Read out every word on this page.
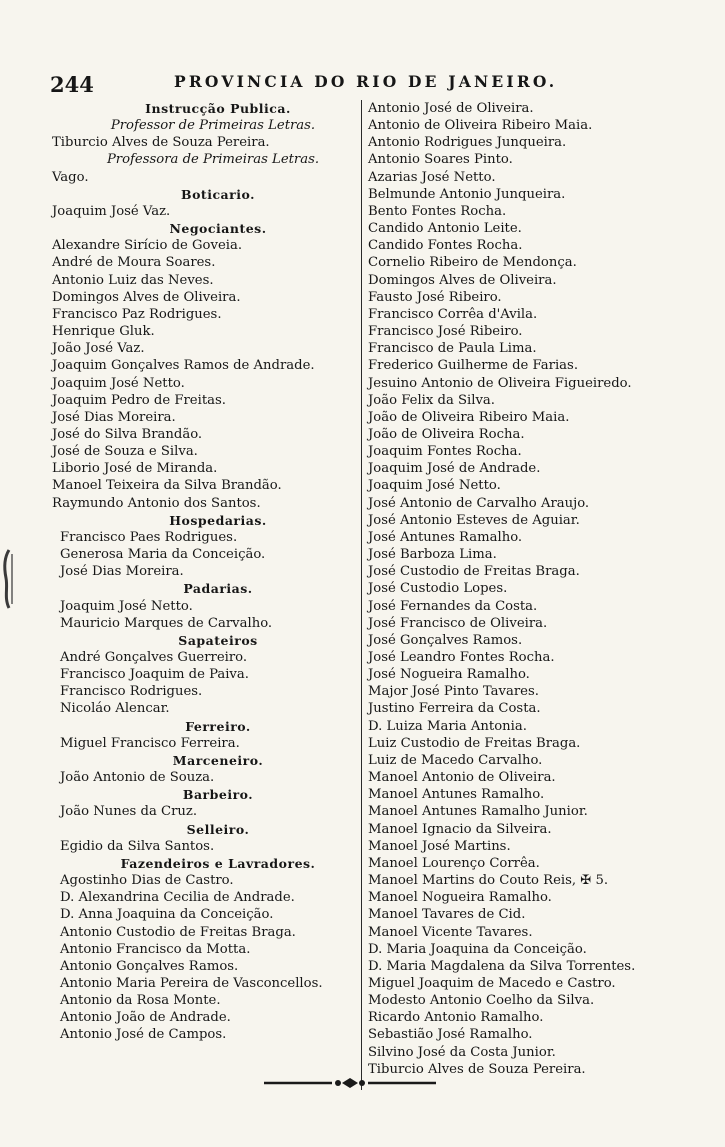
244	PROVINCIA DO RIO DE JANEIRO.
Instrucção Publica.
Professor de Primeiras Letras.
Tiburcio Alves de Souza Pereira.
Professora de Primeiras Letras.
Vago.
Boticario.
Joaquim José Vaz.
Negociantes.
Alexandre Sirício de Goveia.
André de Moura Soares.
Antonio Luiz das Neves.
Domingos Alves de Oliveira.
Francisco Paz Rodrigues.
Henrique Gluk.
João José Vaz.
Joaquim Gonçalves Ramos de Andrade.
Joaquim José Netto.
Joaquim Pedro de Freitas.
José Dias Moreira.
José do Silva Brandão.
José de Souza e Silva.
Liborio José de Miranda.
Manoel Teixeira da Silva Brandão.
Raymundo Antonio dos Santos.
Hospedarias.
Francisco Paes Rodrigues.
Generosa Maria da Conceição.
José Dias Moreira.
Padarias.
Joaquim José Netto.
Mauricio Marques de Carvalho.
Sapateiros
André Gonçalves Guerreiro.
Francisco Joaquim de Paiva.
Francisco Rodrigues.
Nicoláo Alencar.
Ferreiro.
Miguel Francisco Ferreira.
Marceneiro.
João Antonio de Souza.
Barbeiro.
João Nunes da Cruz.
Selleiro.
Egidio da Silva Santos.
Fazendeiros e Lavradores.
Agostinho Dias de Castro.
D. Alexandrina Cecilia de Andrade.
D. Anna Joaquina da Conceição.
Antonio Custodio de Freitas Braga.
Antonio Francisco da Motta.
Antonio Gonçalves Ramos.
Antonio Maria Pereira de Vasconcellos.
Antonio da Rosa Monte.
Antonio João de Andrade.
Antonio José de Campos.
Antonio José de Oliveira.
Antonio de Oliveira Ribeiro Maia.
Antonio Rodrigues Junqueira.
Antonio Soares Pinto.
Azarias José Netto.
Belmunde Antonio Junqueira.
Bento Fontes Rocha.
Candido Antonio Leite.
Candido Fontes Rocha.
Cornelio Ribeiro de Mendonça.
Domingos Alves de Oliveira.
Fausto José Ribeiro.
Francisco Corrêa d'Avila.
Francisco José Ribeiro.
Francisco de Paula Lima.
Frederico Guilherme de Farias.
Jesuino Antonio de Oliveira Figueiredo.
João Felix da Silva.
João de Oliveira Ribeiro Maia.
João de Oliveira Rocha.
Joaquim Fontes Rocha.
Joaquim José de Andrade.
Joaquim José Netto.
José Antonio de Carvalho Araujo.
José Antonio Esteves de Aguiar.
José Antunes Ramalho.
José Barboza Lima.
José Custodio de Freitas Braga.
José Custodio Lopes.
José Fernandes da Costa.
José Francisco de Oliveira.
José Gonçalves Ramos.
José Leandro Fontes Rocha.
José Nogueira Ramalho.
Major José Pinto Tavares.
Justino Ferreira da Costa.
D. Luiza Maria Antonia.
Luiz Custodio de Freitas Braga.
Luiz de Macedo Carvalho.
Manoel Antonio de Oliveira.
Manoel Antunes Ramalho.
Manoel Antunes Ramalho Junior.
Manoel Ignacio da Silveira.
Manoel José Martins.
Manoel Lourenço Corrêa.
Manoel Martins do Couto Reis, ✠ 5.
Manoel Nogueira Ramalho.
Manoel Tavares de Cid.
Manoel Vicente Tavares.
D. Maria Joaquina da Conceição.
D. Maria Magdalena da Silva Torrentes.
Miguel Joaquim de Macedo e Castro.
Modesto Antonio Coelho da Silva.
Ricardo Antonio Ramalho.
Sebastião José Ramalho.
Silvino José da Costa Junior.
Tiburcio Alves de Souza Pereira.
